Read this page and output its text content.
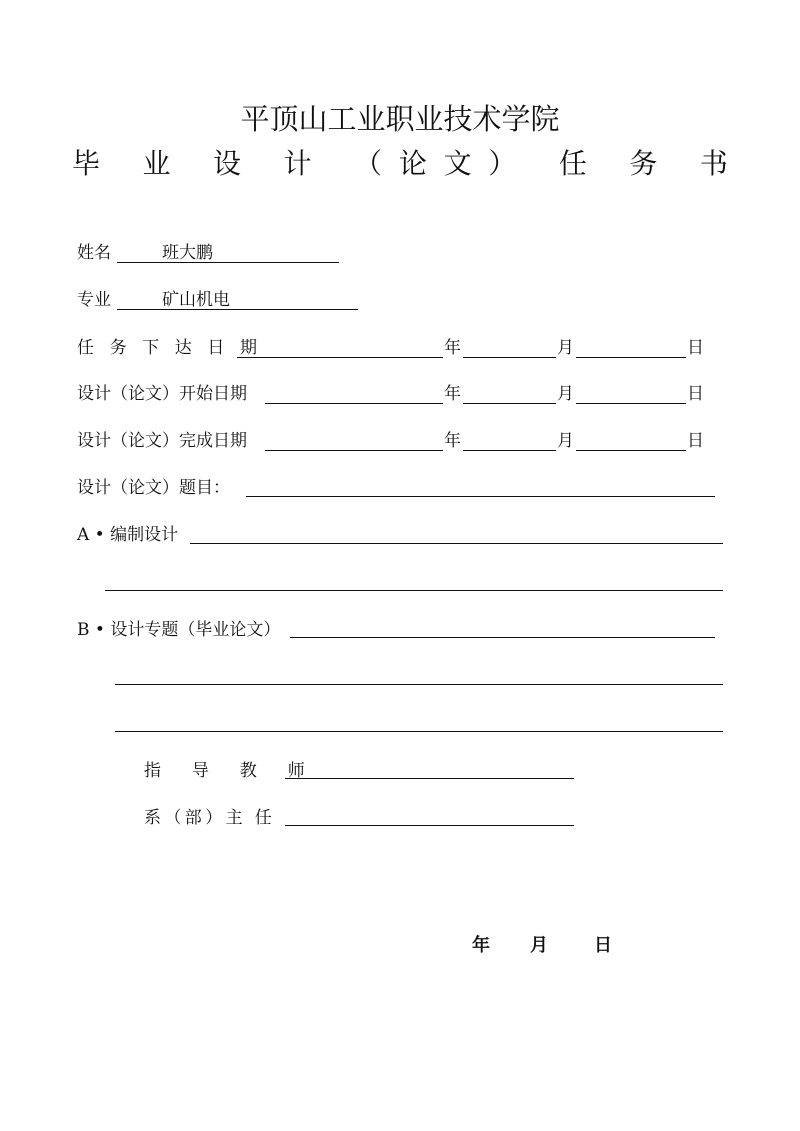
平顶山工业职业技术学院
毕 业 设 计 （论文） 任 务 书
姓名	班大鹏
专业	矿山机电
任 务 下 达 日 期	年	月	日
设计（论文）开始日期	年	月	日
设计（论文）完成日期	年	月	日
设计（论文）题目：
A • 编制设计
B • 设计专题（毕业论文）
指 导 教 师
系（部）主 任
年 月	日
